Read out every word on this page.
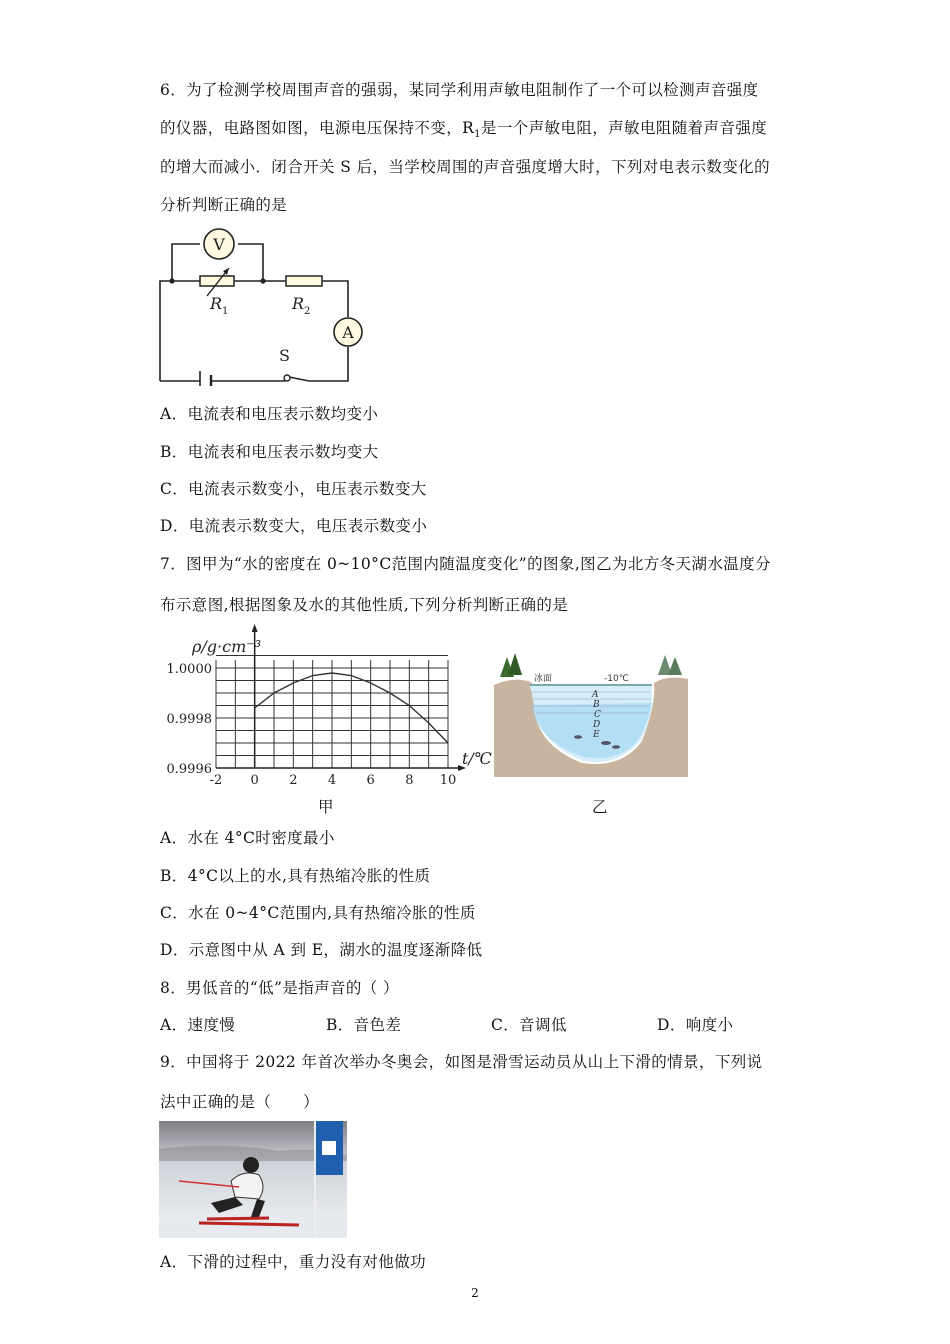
6．为了检测学校周围声音的强弱，某同学利用声敏电阻制作了一个可以检测声音强度
的仪器，电路图如图，电源电压保持不变，$R_1$是一个声敏电阻，声敏电阻随着声音强度
的增大而减小．闭合开关 S 后，当学校周围的声音强度增大时，下列对电表示数变化的
分析判断正确的是
V
A
R 1	R 2
S
A．电流表和电压表示数均变小
B．电流表和电压表示数均变大
C．电流表示数变小，电压表示数变大
D．电流表示数变大，电压表示数变小
7．图甲为“水的密度在 0~10°C范围内随温度变化”的图象,图乙为北方冬天湖水温度分
布示意图,根据图象及水的其他性质,下列分析判断正确的是
ρ/g·cm⁻³
t/℃
-2 0 2 4 6 8 10
1.0000
0.9998
0.9996
甲
冰面	-10℃
A
B
C
D
E
乙
A．水在 4°C时密度最小
B．4°C以上的水,具有热缩冷胀的性质
C．水在 0~4°C范围内,具有热缩冷胀的性质
D．示意图中从 A 到 E，湖水的温度逐渐降低
8．男低音的“低”是指声音的（ ）
A．速度慢	B．音色差	C．音调低	D．响度小
9．中国将于 2022 年首次举办冬奥会，如图是滑雪运动员从山上下滑的情景，下列说
法中正确的是（　　）
A．下滑的过程中，重力没有对他做功
2
